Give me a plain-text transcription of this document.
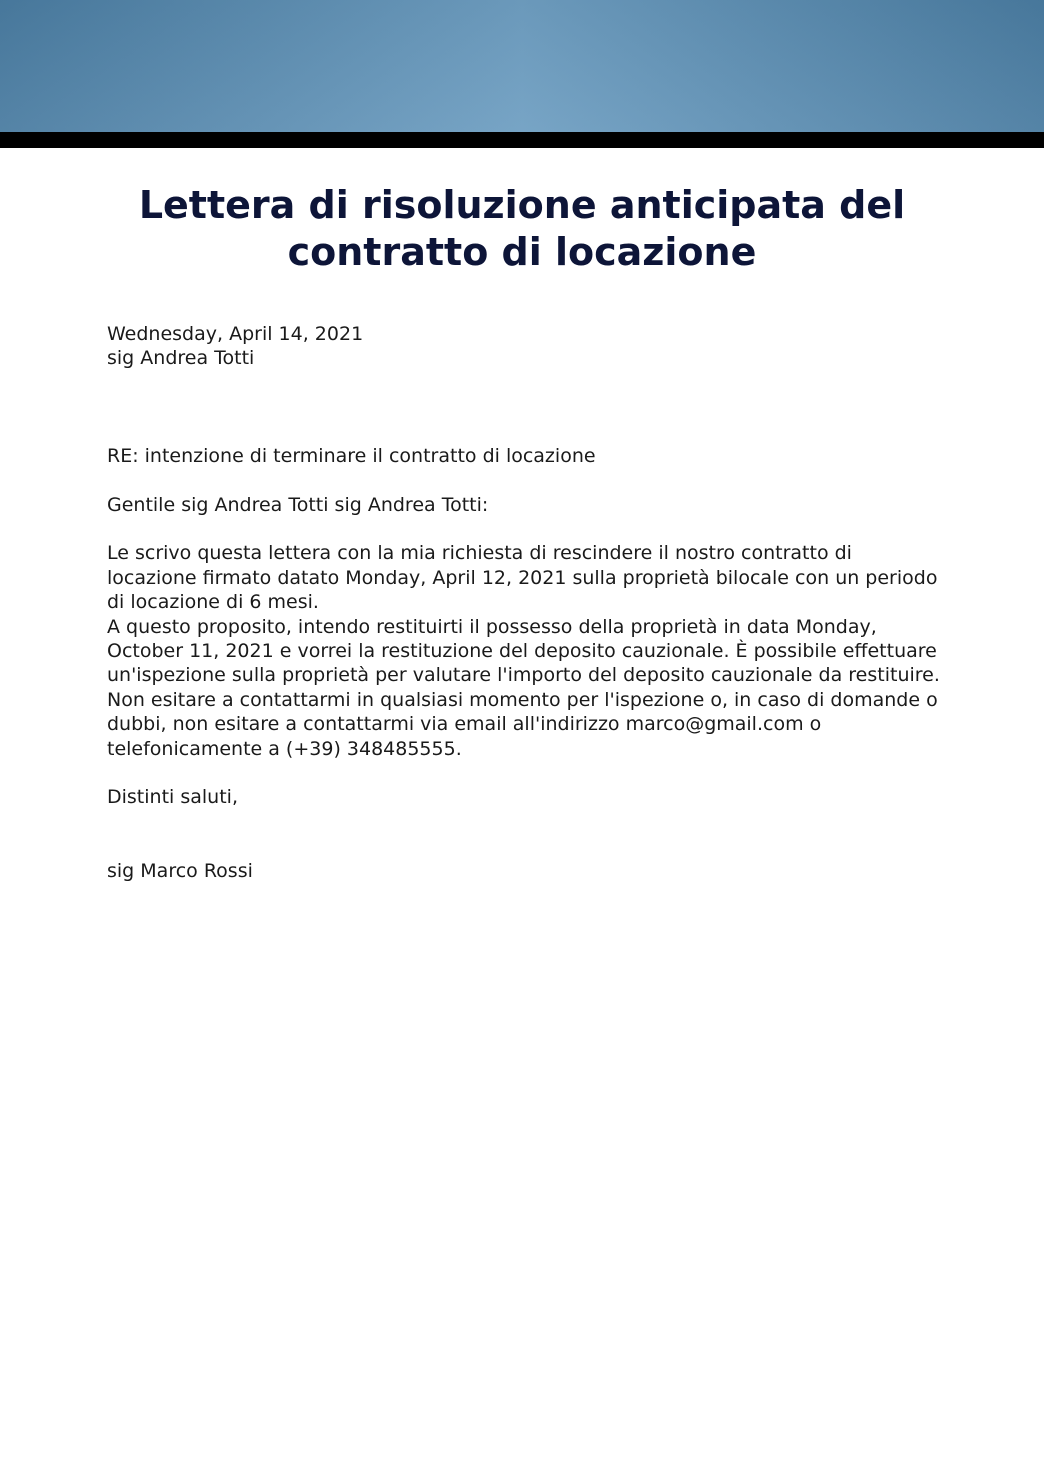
Lettera di risoluzione anticipata del contratto di locazione

Wednesday, April 14, 2021

sig Andrea Totti

RE: intenzione di terminare il contratto di locazione

Gentile sig Andrea Totti sig Andrea Totti:

Le scrivo questa lettera con la mia richiesta di rescindere il nostro contratto di locazione firmato datato Monday, April 12, 2021 sulla proprietà bilocale con un periodo di locazione di 6 mesi.

A questo proposito, intendo restituirti il possesso della proprietà in data Monday, October 11, 2021 e vorrei la restituzione del deposito cauzionale. È possibile effettuare un'ispezione sulla proprietà per valutare l'importo del deposito cauzionale da restituire.

Non esitare a contattarmi in qualsiasi momento per l'ispezione o, in caso di domande o dubbi, non esitare a contattarmi via email all'indirizzo marco@gmail.com o telefonicamente a (+39) 348485555.

Distinti saluti,

sig Marco Rossi
